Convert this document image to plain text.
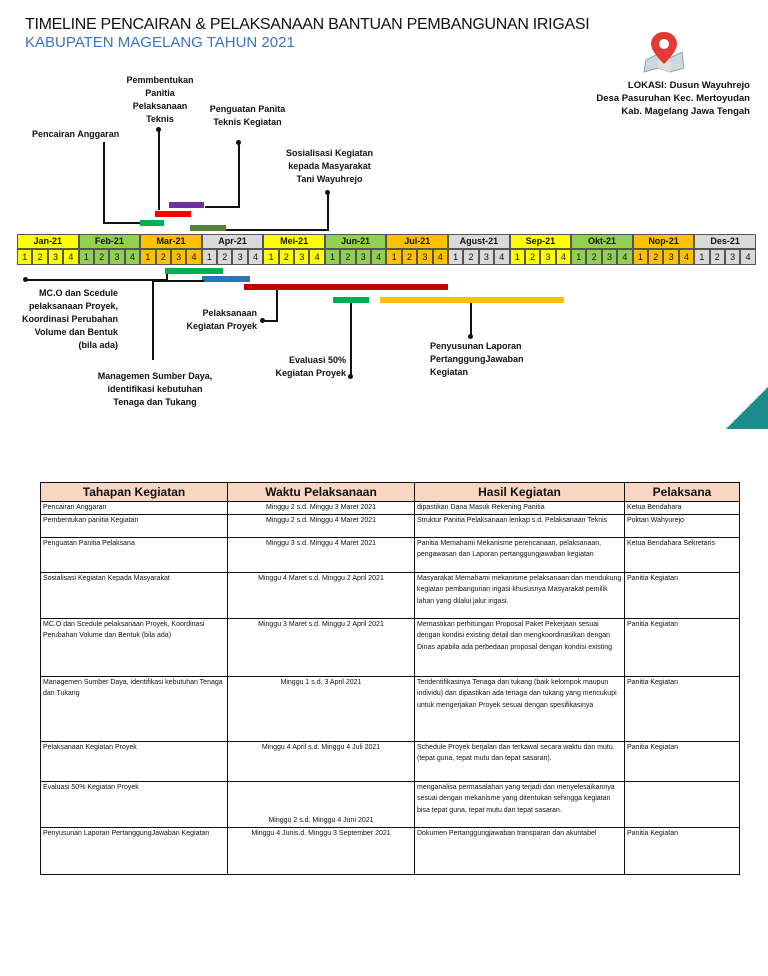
TIMELINE PENCAIRAN & PELAKSANAAN BANTUAN PEMBANGUNAN IRIGASI
KABUPATEN MAGELANG TAHUN 2021
LOKASI: Dusun Wayuhrejo
Desa Pasuruhan Kec. Mertoyudan
Kab. Magelang Jawa Tengah
Pencairan Anggaran
Pemmbentukan
Panitia
Pelaksanaan
Teknis
Penguatan Panita
Teknis Kegiatan
Sosialisasi Kegiatan
kepada Masyarakat
Tani Wayuhrejo
Jan-21	Feb-21	Mar-21	Apr-21	Mei-21	Jun-21	Jul-21	Agust-21	Sep-21	Okt-21	Nop-21	Des-21
1	2	3	4	1	2	3	4	1	2	3	4	1	2	3	4	1	2	3	4	1	2	3	4	1	2	3	4	1	2	3	4	1	2	3	4	1	2	3	4	1	2	3	4	1	2	3	4
MC.O dan Scedule
pelaksanaan Proyek,
Koordinasi Perubahan
Volume dan Bentuk
(bila ada)
Managemen Sumber Daya,
identifikasi kebutuhan
Tenaga dan Tukang
Pelaksanaan
Kegiatan Proyek
Evaluasi 50%
Kegiatan Proyek
Penyusunan Laporan
PertanggungJawaban
Kegiatan
Tahapan Kegiatan	Waktu Pelaksanaan	Hasil Kegiatan	Pelaksana
Pencairan Anggaran	Minggu 2 s.d. Minggu 3 Maret 2021	dipastikan Dana Masuk Rekening Panitia	Ketua Bendahara
Pembentukan panitia Kegiatan	Minggu 2 s.d. Minggu 4 Maret 2021	Struktur Panitia Pelaksanaan lenkap s.d. Pelaksanaan Teknis	Poktan Wahyurejo
Penguatan Panitia Pelaksana	Minggu 3 s.d. Minggu 4 Maret 2021	Panitia Memahami Mekanisme perencanaan, pelaksanaan, pengawasan dan Laporan pertanggungjawaban kegiatan	Ketua Bendahara Sekretaris
Sosialisasi Kegiatan Kepada Masyarakat	Minggu 4 Maret s.d. Minggu 2 April 2021	Masyarakat Memahami mekanisme pelaksanaan dan mendukung kegiatan pembangunan irigasi khususnya Masyarakat pemilik lahan yang dilalui jalur irigasi.	Panitia Kegiatan
MC.O dan Scedule pelaksanaan Proyek, Koordinasi Perubahan Volume dan Bentuk (bila ada)	Minggu 3 Maret s.d. Minggu 2 April 2021	Memastikan perhitungan Proposal Paket Pekerjaan sesuai dengan kondisi existing detail dan mengkoordinasikan dengan Dinas apabila ada perbedaan proposal dengan kondisi existing	Panitia Kegiatan
Managemen Sumber Daya, identifikasi kebutuhan Tenaga dan Tukang	Minggu 1 s.d. 3 April 2021	Teridentifikasinya Tenaga dan tukang (baik kelompok maupun individu) dan dipastikan ada tenaga dan tukang yang mencukupi untuk mengerjakan Proyek sesuai dengan spesifikasinya	Panitia Kegiatan
Pelaksanaan Kegiatan Proyek	Minggu 4 April s.d. Minggu 4 Juli 2021	Schedule Proyek berjalan dan terkawal secara waktu dan mutu. (tepat guna, tepat mutu dan tepat sasaran).	Panitia Kegiatan
Evaluasi 50% Kegiatan Proyek	Minggu 2 s.d. Minggu 4 Juni 2021	menganalisa permasalahan yang terjadi dan menyelesaikannya sesuai dengan mekanisme yang ditentukan sehingga kegiatan bisa tepat guna, tepat mutu dan tepat sasaran.	
Penyusunan Laporan PertanggungJawaban Kegiatan	Minggu 4 Junis.d. Minggu 3 September 2021	Dokumen Pertanggungjawaban transparan dan akuntabel	Panitia Kegiatan
